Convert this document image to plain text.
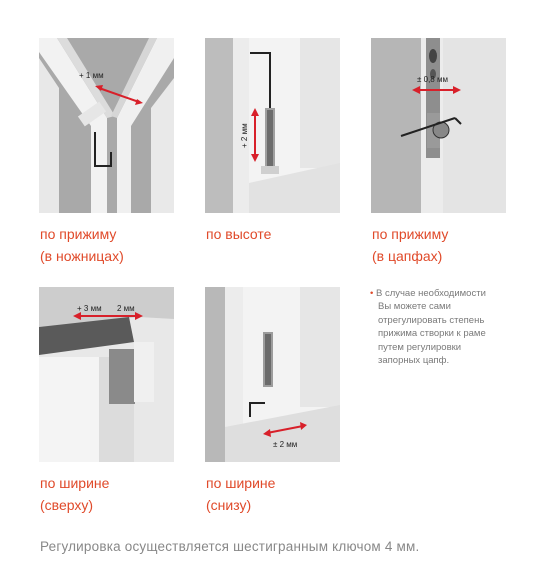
+ 1 мм
по прижиму
(в ножницах)
+ 2 мм
по высоте
± 0,8 мм
по прижиму
(в цапфах)
+ 3 мм 2 мм
по ширине
(сверху)
± 2 мм
по ширине
(снизу)
• В случае необходимости
Вы можете сами
отрегулировать степень
прижима створки к раме
путем регулировки
запорных цапф.
Регулировка осуществляется шестигранным ключом 4 мм.
